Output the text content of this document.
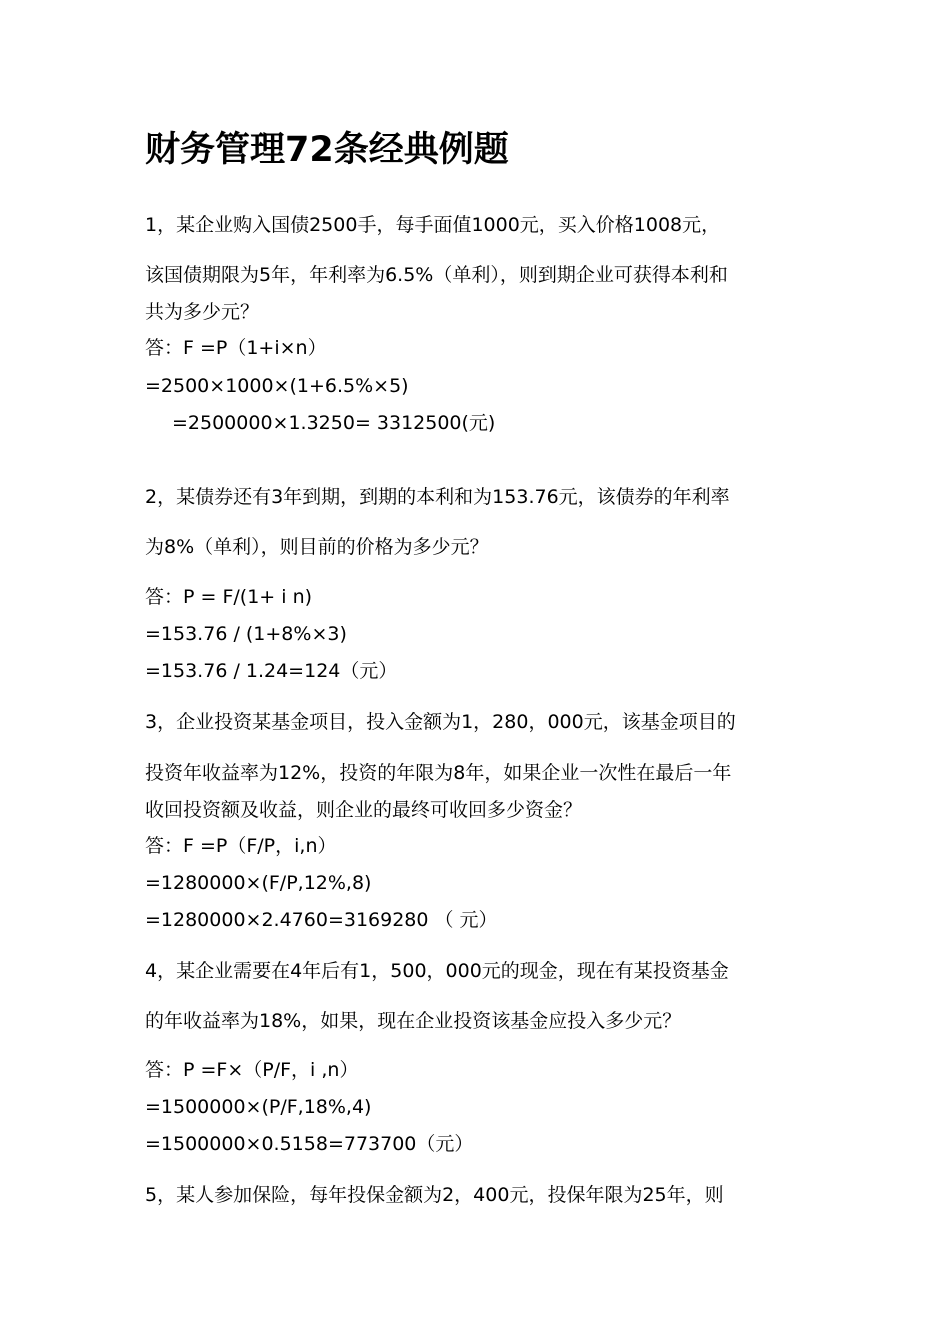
财务管理72条经典例题
1，某企业购入国债2500手，每手面值1000元，买入价格1008元，
该国债期限为5年，年利率为6.5%（单利），则到期企业可获得本利和
共为多少元？
答：F =P（1+i×n）
=2500×1000×(1+6.5%×5)
=2500000×1.3250= 3312500(元)
2，某债券还有3年到期，到期的本利和为153.76元，该债券的年利率
为8%（单利），则目前的价格为多少元？
答：P = F/(1+ i n)
=153.76 / (1+8%×3)
=153.76 / 1.24=124（元）
3，企业投资某基金项目，投入金额为1，280，000元，该基金项目的
投资年收益率为12%，投资的年限为8年，如果企业一次性在最后一年
收回投资额及收益，则企业的最终可收回多少资金？
答：F =P（F/P，i,n）
=1280000×(F/P,12%,8)
=1280000×2.4760=3169280 （ 元）
4，某企业需要在4年后有1，500，000元的现金，现在有某投资基金
的年收益率为18%，如果，现在企业投资该基金应投入多少元？
答：P =F×（P/F，i ,n）
=1500000×(P/F,18%,4)
=1500000×0.5158=773700（元）
5，某人参加保险，每年投保金额为2，400元，投保年限为25年，则
